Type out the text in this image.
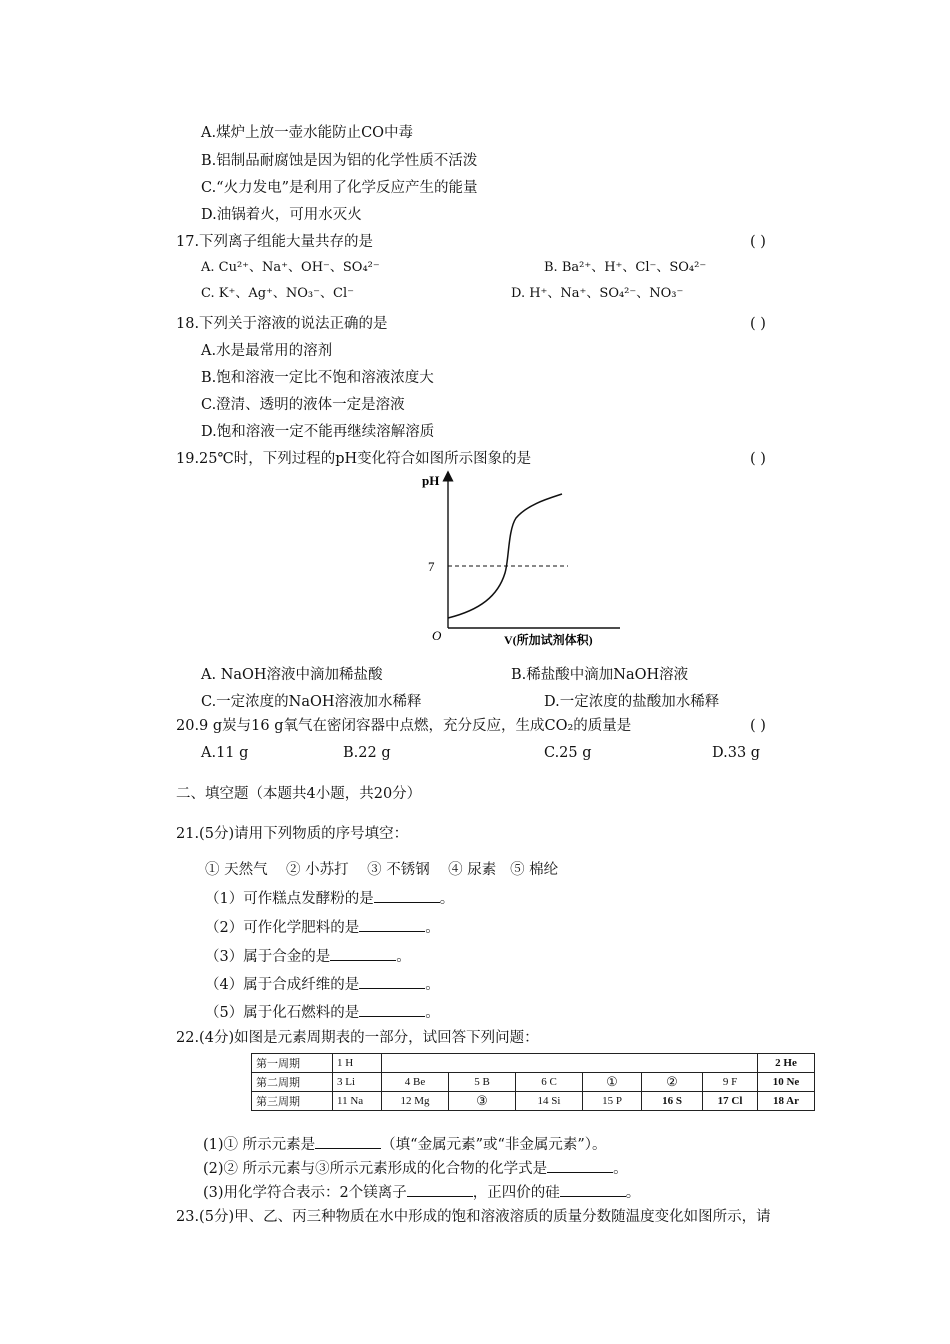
A.煤炉上放一壶水能防止CO中毒
B.铝制品耐腐蚀是因为铝的化学性质不活泼
C.“火力发电”是利用了化学反应产生的能量
D.油锅着火，可用水灭火
17.下列离子组能大量共存的是	( )
A. Cu²⁺、Na⁺、OH⁻、SO₄²⁻	B. Ba²⁺、H⁺、Cl⁻、SO₄²⁻
C. K⁺、Ag⁺、NO₃⁻、Cl⁻	D. H⁺、Na⁺、SO₄²⁻、NO₃⁻
18.下列关于溶液的说法正确的是	( )
A.水是最常用的溶剂
B.饱和溶液一定比不饱和溶液浓度大
C.澄清、透明的液体一定是溶液
D.饱和溶液一定不能再继续溶解溶质
19.25℃时，下列过程的pH变化符合如图所示图象的是	( )
pH
7
O	V(所加试剂体积)
A. NaOH溶液中滴加稀盐酸	B.稀盐酸中滴加NaOH溶液
C.一定浓度的NaOH溶液加水稀释	D.一定浓度的盐酸加水稀释
20.9 g炭与16 g氧气在密闭容器中点燃，充分反应，生成CO₂的质量是	( )
A.11 g	B.22 g	C.25 g	D.33 g
二、填空题（本题共4小题，共20分）
21.(5分)请用下列物质的序号填空：
① 天然气    ② 小苏打    ③ 不锈钢    ④ 尿素   ⑤ 棉纶
（1）可作糕点发酵粉的是	。
（2）可作化学肥料的是	。
（3）属于合金的是	。
（4）属于合成纤维的是	。
（5）属于化石燃料的是	。
22.(4分)如图是元素周期表的一部分，试回答下列问题：
第一周期	1 H							2 He
第二周期	3 Li	4 Be	5 B	6 C	①	②	9 F	10 Ne
第三周期	11 Na	12 Mg	③	14 Si	15 P	16 S	17 Cl	18 Ar
(1)① 所示元素是	（填“金属元素”或“非金属元素”）。
(2)② 所示元素与③所示元素形成的化合物的化学式是	。
(3)用化学符合表示：2个镁离子	，正四价的硅	。
23.(5分)甲、乙、丙三种物质在水中形成的饱和溶液溶质的质量分数随温度变化如图所示，请
